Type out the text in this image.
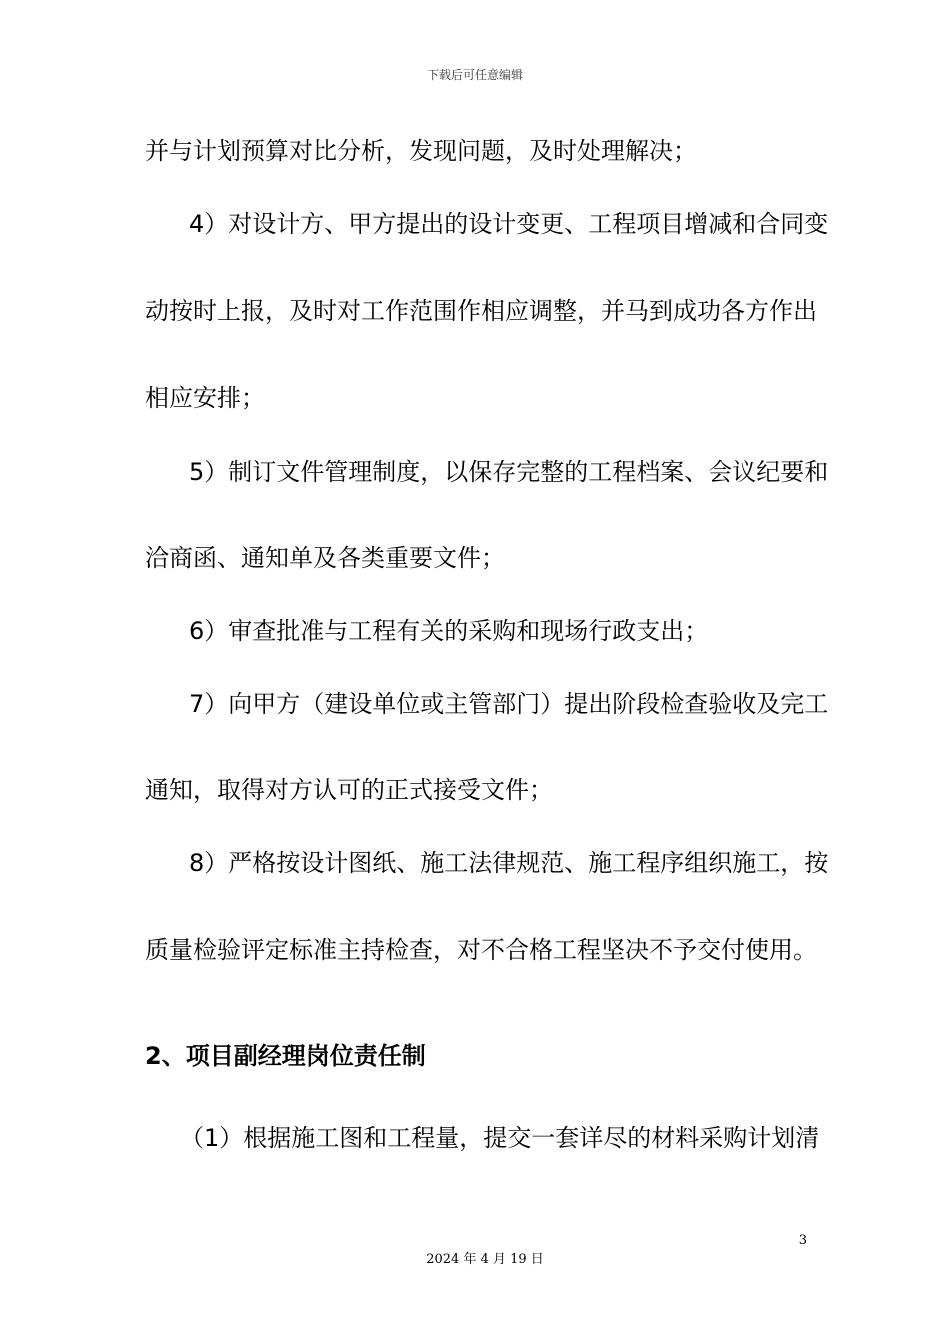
下载后可任意编辑
并与计划预算对比分析，发现问题，及时处理解决；
4）对设计方、甲方提出的设计变更、工程项目增减和合同变
动按时上报，及时对工作范围作相应调整，并马到成功各方作出
相应安排；
5）制订文件管理制度，以保存完整的工程档案、会议纪要和
洽商函、通知单及各类重要文件；
6）审查批准与工程有关的采购和现场行政支出；
7）向甲方（建设单位或主管部门）提出阶段检查验收及完工
通知，取得对方认可的正式接受文件；
8）严格按设计图纸、施工法律规范、施工程序组织施工，按
质量检验评定标准主持检查，对不合格工程坚决不予交付使用。
2、项目副经理岗位责任制
（1）根据施工图和工程量，提交一套详尽的材料采购计划清
3
2024 年 4 月 19 日
